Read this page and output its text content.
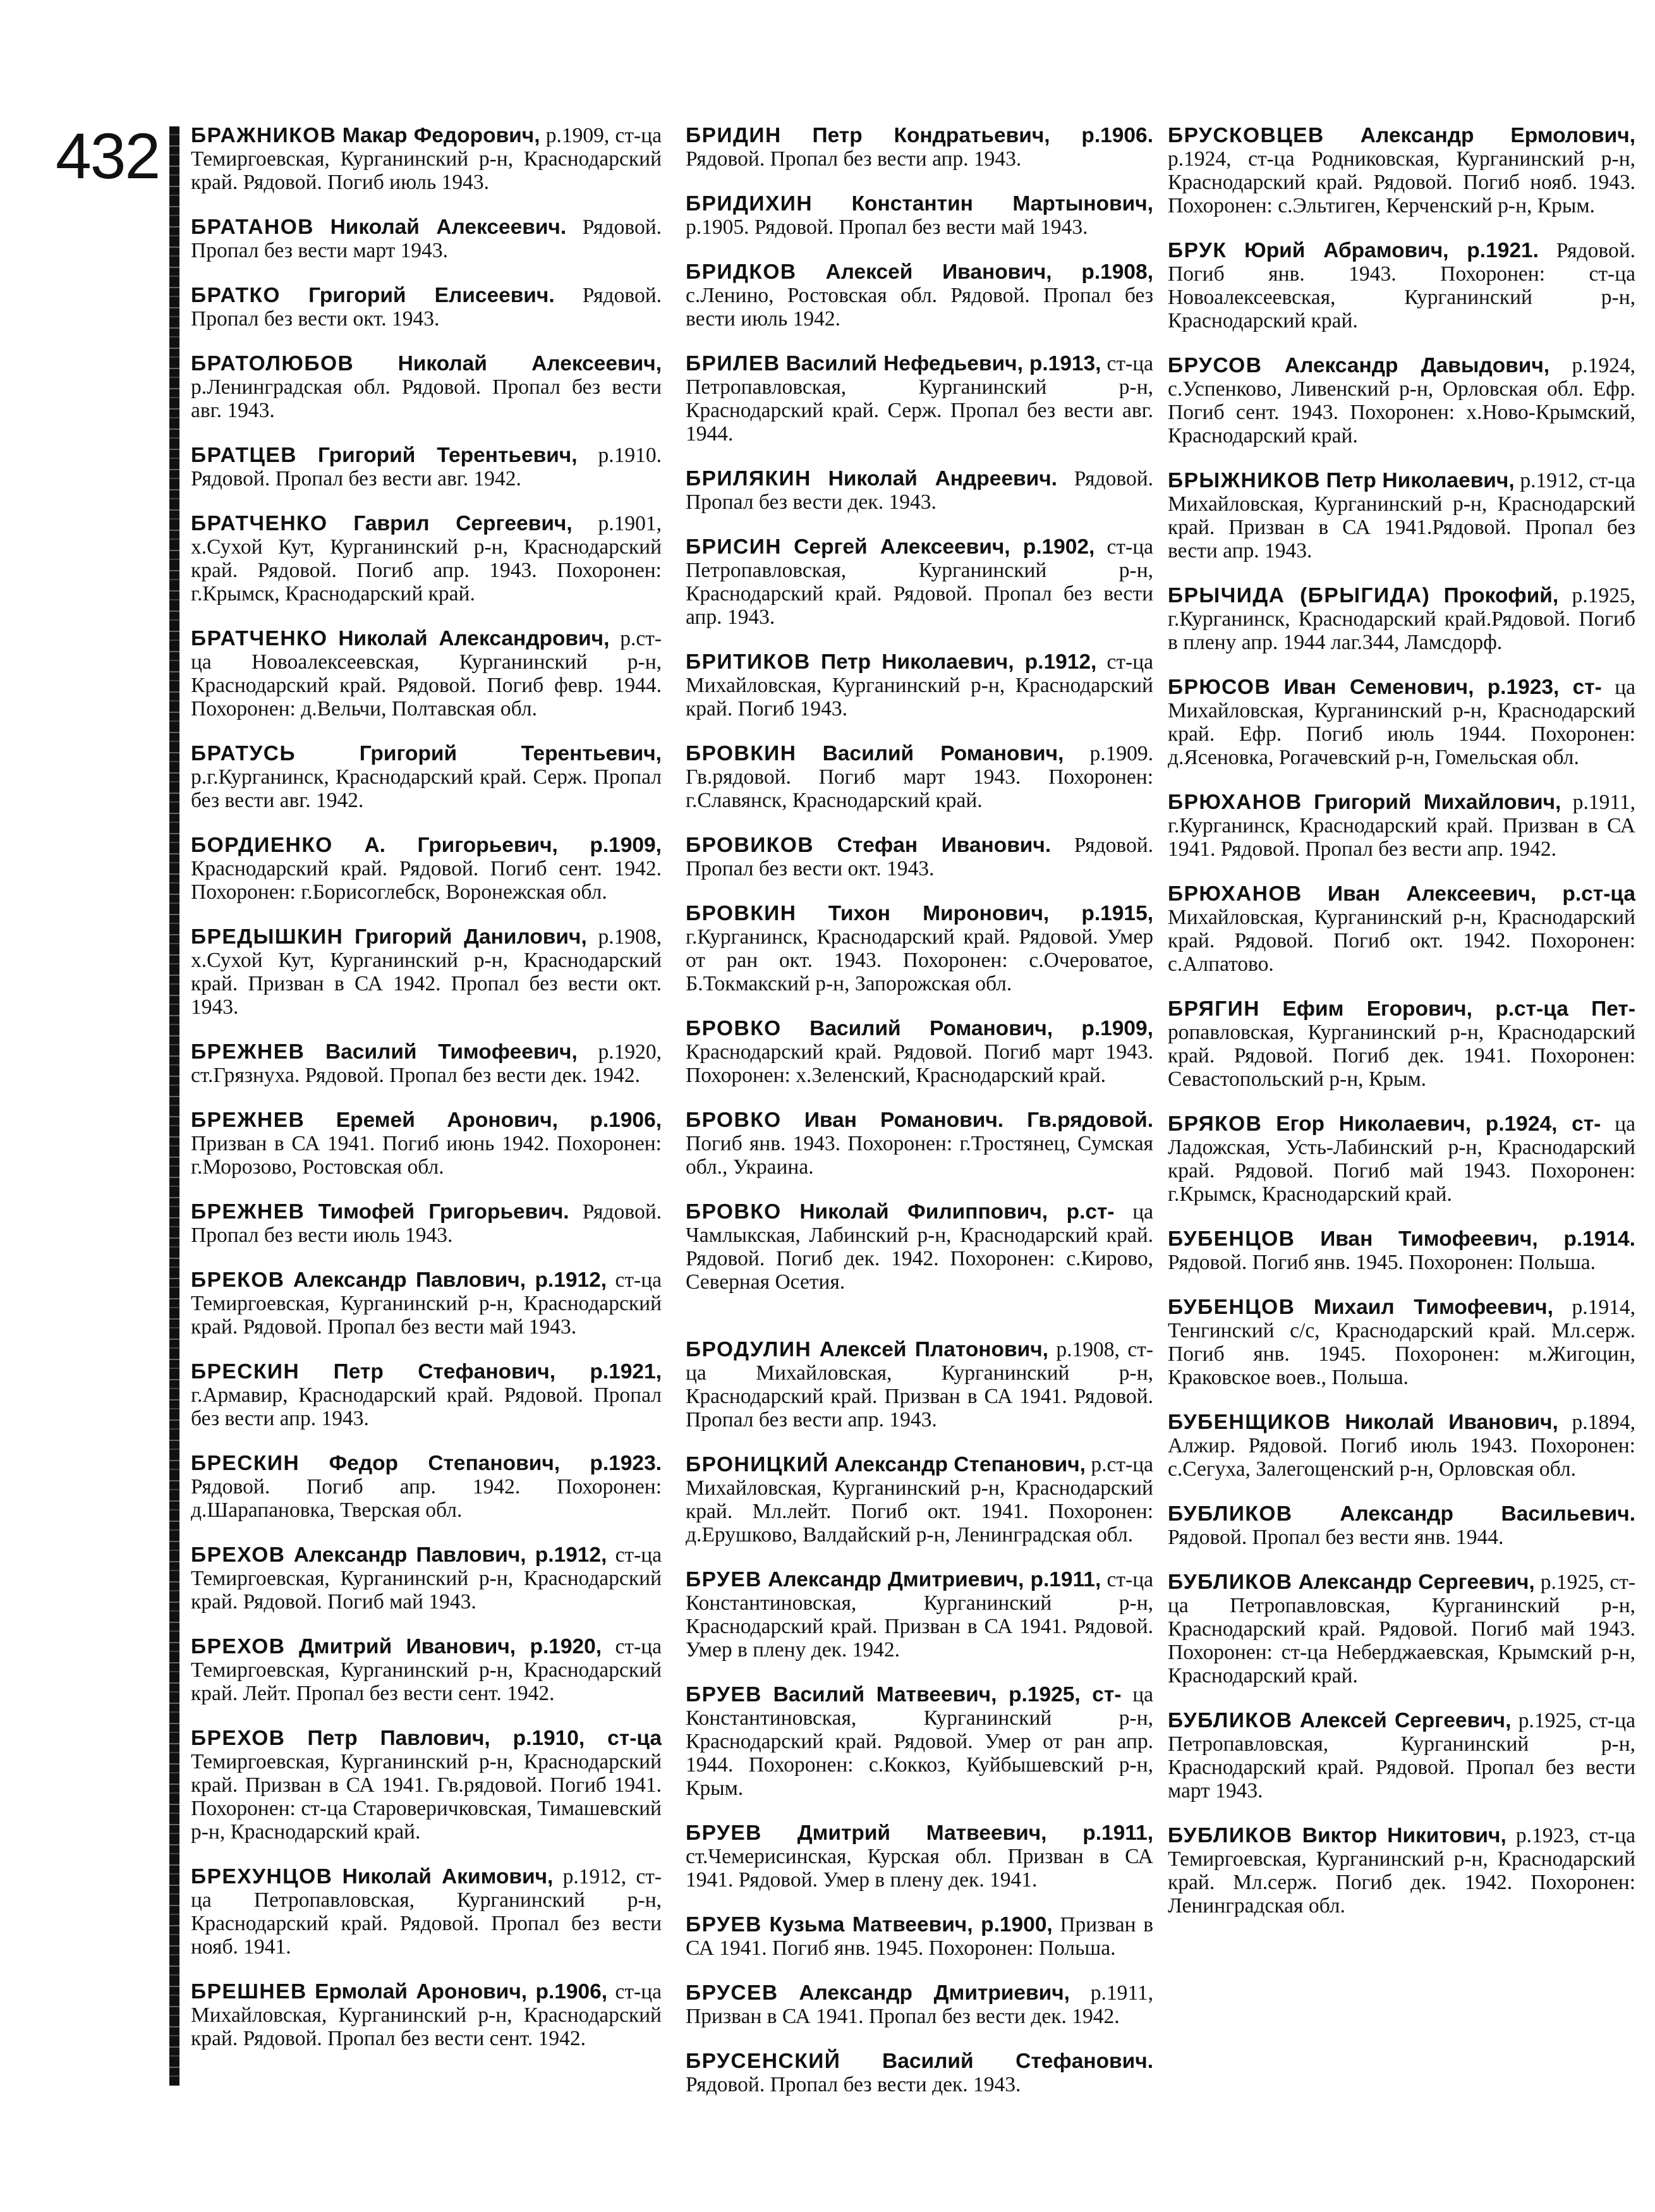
432 БРАЖНИКОВ Макар Федорович, р.1909, ст-ца Темиргоевская, Курганинский р-н, Краснодарский край. Рядовой. Погиб июль 1943.

БРАТАНОВ Николай Алексеевич. Рядовой. Пропал без вести март 1943.

БРАТКО Григорий Елисеевич. Рядовой. Пропал без вести окт. 1943.

БРАТОЛЮБОВ Николай Алексеевич, р.Ленинградская обл. Рядовой. Пропал без вести авг. 1943.

БРАТЦЕВ Григорий Терентьевич, р.1910. Рядовой. Пропал без вести авг. 1942.

БРАТЧЕНКО Гаврил Сергеевич, р.1901, х.Сухой Кут, Курганинский р-н, Краснодарский край. Рядовой. Погиб апр. 1943. Похоронен: г.Крымск, Краснодарский край.

БРАТЧЕНКО Николай Александрович, р.ст-ца Новоалексеевская, Курганинский р-н, Краснодарский край. Рядовой. Погиб февр. 1944. Похоронен: д.Вельчи, Полтавская обл.

БРАТУСЬ	Григорий Терентьевич, р.г.Курганинск, Краснодарский край. Серж. Пропал без вести авг. 1942.

БОРДИЕНКО А. Григорьевич, р.1909, Краснодарский край. Рядовой. Погиб сент. 1942. Похоронен: г.Борисоглебск, Воронежская обл.

БРЕДЫШКИН Григорий Данилович, р.1908, х.Сухой Кут, Курганинский р-н, Краснодарский край. Призван в СА 1942. Пропал без вести окт. 1943.

БРЕЖНЕВ Василий Тимофеевич, р.1920, ст.Грязнуха. Рядовой. Пропал без вести дек. 1942.

БРЕЖНЕВ Еремей Аронович, р.1906, Призван в СА 1941. Погиб июнь 1942. Похоронен: г.Морозово, Ростовская обл.

БРЕЖНЕВ Тимофей Григорьевич. Рядовой. Пропал без вести июль 1943.

БРЕКОВ Александр Павлович, р.1912, ст-ца Темиргоевская, Курганинский р-н, Краснодарский край. Рядовой. Пропал без вести май 1943.

БРЕСКИН Петр Стефанович, р.1921, г.Армавир, Краснодарский край. Рядовой. Пропал без вести апр. 1943.

БРЕСКИН Федор Степанович, р.1923. Рядовой. Погиб апр. 1942. Похоронен: д.Шарапановка, Тверская обл.

БРЕХОВ Александр Павлович, р.1912, ст-ца Темиргоевская, Курганинский р-н, Краснодарский край. Рядовой. Погиб май 1943.

БРЕХОВ Дмитрий Иванович, р.1920, ст-ца Темиргоевская, Курганинский р-н, Краснодарский край. Лейт. Пропал без вести сент. 1942.

БРЕХОВ Петр Павлович, р.1910, ст-ца Темиргоевская, Курганинский р-н, Краснодарский край. Призван в СА 1941. Гв.рядовой. Погиб 1941. Похоронен: ст-ца Староверичковская, Тимашевский р-н, Краснодарский край.

БРЕХУНЦОВ Николай Акимович, р.1912, ст-ца Петропавловская, Курганинский р-н, Краснодарский край. Рядовой. Пропал без вести нояб. 1941.

БРЕШНЕВ Ермолай Аронович, р.1906, ст-ца Михайловская, Курганинский р-н, Краснодарский край. Рядовой. Пропал без вести сент. 1942.

БРИДИН Петр Кондратьевич, р.1906. Рядовой. Пропал без вести апр. 1943.

БРИДИХИН Константин Мартынович, р.1905. Рядовой. Пропал без вести май 1943.

БРИДКОВ Алексей Иванович, р.1908, с.Ленино, Ростовская обл. Рядовой. Пропал без вести июль 1942.

БРИЛЕВ Василий Нефедьевич, р.1913, ст-ца Петропавловская, Курганинский р-н, Краснодарский край. Серж. Пропал без вести авг. 1944.

БРИЛЯКИН Николай Андреевич. Рядовой. Пропал без вести дек. 1943.

БРИСИН Сергей Алексеевич, р.1902, ст-ца Петропавловская, Курганинский р-н, Краснодарский край. Рядовой. Пропал без вести апр. 1943.

БРИТИКОВ Петр Николаевич, р.1912, ст-ца Михайловская, Курганинский р-н, Краснодарский край. Погиб 1943.

БРОВКИН Василий Романович, р.1909. Гв.рядовой. Погиб март 1943. Похоронен: г.Славянск, Краснодарский край.

БРОВИКОВ Стефан Иванович. Рядовой. Пропал без вести окт. 1943.

БРОВКИН Тихон Миронович, р.1915, г.Курганинск, Краснодарский край. Рядовой. Умер от ран окт. 1943. Похоронен: с.Очероватое, Б.Токмакский р-н, Запорожская обл.

БРОВКО Василий Романович, р.1909, Краснодарский край. Рядовой. Погиб март 1943. Похоронен: х.Зеленский, Краснодарский край.

БРОВКО Иван Романович. Гв.рядовой. Погиб янв. 1943. Похоронен: г.Тростянец, Сумская обл., Украина.

БРОВКО Николай Филиппович, р.ст- ца Чамлыкская, Лабинский р-н, Краснодарский край. Рядовой. Погиб дек. 1942. Похоронен: с.Кирово, Северная Осетия.

БРОДУЛИН Алексей Платонович, р.1908, ст-ца Михайловская, Курганинский р-н, Краснодарский край. Призван в СА 1941. Рядовой. Пропал без вести апр. 1943.

БРОНИЦКИЙ Александр Степанович, р.ст-ца Михайловская, Курганинский р-н, Краснодарский край. Мл.лейт. Погиб окт. 1941. Похоронен: д.Ерушково, Валдайский р-н, Ленинградская обл.

БРУЕВ Александр Дмитриевич, р.1911, ст-ца Константиновская, Курганинский р-н, Краснодарский край. Призван в СА 1941. Рядовой. Умер в плену дек. 1942.

БРУЕВ Василий Матвеевич, р.1925, ст- ца Константиновская, Курганинский р-н, Краснодарский край. Рядовой. Умер от ран апр. 1944. Похоронен: с.Коккоз, Куйбышевский р-н, Крым.

БРУЕВ Дмитрий Матвеевич, р.1911, ст.Чемерисинская, Курская обл. Призван в СА 1941. Рядовой. Умер в плену дек. 1941.

БРУЕВ Кузьма Матвеевич, р.1900, Призван в СА 1941. Погиб янв. 1945. Похоронен: Польша.

БРУСЕВ Александр Дмитриевич, р.1911, Призван в СА 1941. Пропал без вести дек. 1942.

БРУСЕНСКИЙ Василий Стефанович. Рядовой. Пропал без вести дек. 1943.

БРУСКОВЦЕВ Александр Ермолович, р.1924, ст-ца Родниковская, Курганинский р-н, Краснодарский край. Рядовой. Погиб нояб. 1943. Похоронен: с.Эльтиген, Керченский р-н, Крым.

БРУК Юрий Абрамович, р.1921. Рядовой. Погиб янв. 1943. Похоронен: ст-ца Новоалексеевская, Курганинский р-н, Краснодарский край.

БРУСОВ Александр Давыдович, р.1924, с.Успенково, Ливенский р-н, Орловская обл. Ефр. Погиб сент. 1943. Похоронен: х.Ново-Крымский, Краснодарский край.

БРЫЖНИКОВ Петр Николаевич, р.1912, ст-ца Михайловская, Курганинский р-н, Краснодарский край. Призван в СА 1941.Рядовой. Пропал без вести апр. 1943.

БРЫЧИДА (БРЫГИДА) Прокофий, р.1925, г.Курганинск, Краснодарский край.Рядовой. Погиб в плену апр. 1944 лаг.344, Ламсдорф.

БРЮСОВ Иван Семенович, р.1923, ст- ца Михайловская, Курганинский р-н, Краснодарский край. Ефр. Погиб июль 1944. Похоронен: д.Ясеновка, Рогачевский р-н, Гомельская обл.

БРЮХАНОВ Григорий Михайлович, р.1911, г.Курганинск, Краснодарский край. Призван в СА 1941. Рядовой. Пропал без вести апр. 1942.

БРЮХАНОВ Иван Алексеевич, р.ст-ца Михайловская, Курганинский р-н, Краснодарский край. Рядовой. Погиб окт. 1942. Похоронен: с.Алпатово.

БРЯГИН Ефим Егорович, р.ст-ца Пет- ропавловская, Курганинский р-н, Краснодарский край. Рядовой. Погиб дек. 1941. Похоронен: Севастопольский р-н, Крым.

БРЯКОВ Егор Николаевич, р.1924, ст- ца Ладожская, Усть-Лабинский р-н, Краснодарский край. Рядовой. Погиб май 1943. Похоронен: г.Крымск, Краснодарский край.

БУБЕНЦОВ Иван Тимофеевич, р.1914. Рядовой. Погиб янв. 1945. Похоронен: Польша.

БУБЕНЦОВ Михаил Тимофеевич, р.1914, Тенгинский с/с, Краснодарский край. Мл.серж. Погиб янв. 1945. Похоронен: м.Жигоцин, Краковское воев., Польша.

БУБЕНЩИКОВ Николай Иванович, р.1894, Алжир. Рядовой. Погиб июль 1943. Похоронен: с.Сегуха, Залегощенский р-н, Орловская обл.

БУБЛИКОВ Александр Васильевич. Рядовой. Пропал без вести янв. 1944.

БУБЛИКОВ Александр Сергеевич, р.1925, ст-ца Петропавловская, Курганинский р-н, Краснодарский край. Рядовой. Погиб май 1943. Похоронен: ст-ца Неберджаевская, Крымский р-н, Краснодарский край.

БУБЛИКОВ Алексей Сергеевич, р.1925, ст-ца Петропавловская, Курганинский р-н, Краснодарский край. Рядовой. Пропал без вести март 1943.

БУБЛИКОВ Виктор Никитович, р.1923, ст-ца Темиргоевская, Курганинский р-н, Краснодарский край. Мл.серж. Погиб дек. 1942. Похоронен: Ленинградская обл.
